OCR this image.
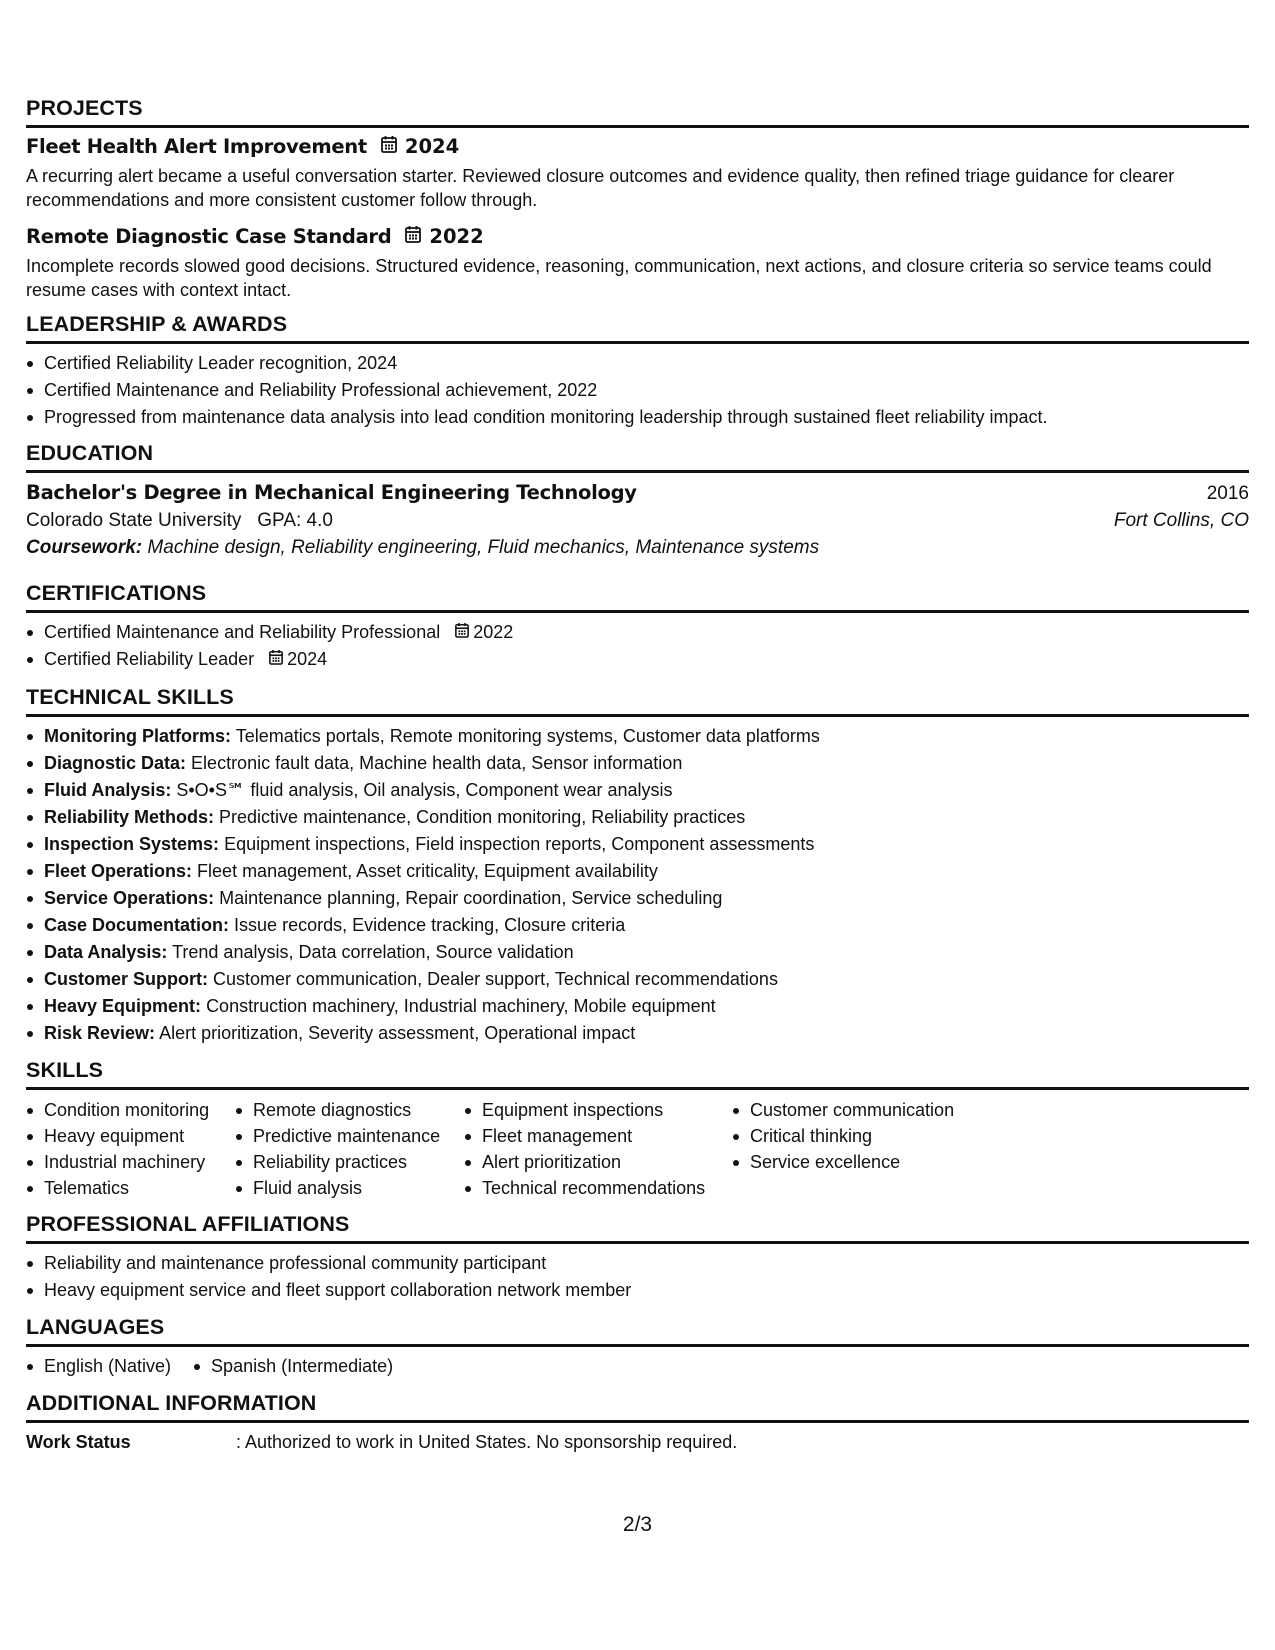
PROJECTS
Fleet Health Alert Improvement 2024
A recurring alert became a useful conversation starter. Reviewed closure outcomes and evidence quality, then refined triage guidance for clearer recommendations and more consistent customer follow through.
Remote Diagnostic Case Standard 2022
Incomplete records slowed good decisions. Structured evidence, reasoning, communication, next actions, and closure criteria so service teams could resume cases with context intact.
LEADERSHIP & AWARDS
Certified Reliability Leader recognition, 2024
Certified Maintenance and Reliability Professional achievement, 2022
Progressed from maintenance data analysis into lead condition monitoring leadership through sustained fleet reliability impact.
EDUCATION
Bachelor's Degree in Mechanical Engineering Technology	2016
Colorado State University GPA: 4.0	Fort Collins, CO
Coursework: Machine design, Reliability engineering, Fluid mechanics, Maintenance systems
CERTIFICATIONS
Certified Maintenance and Reliability Professional 2022
Certified Reliability Leader 2024
TECHNICAL SKILLS
Monitoring Platforms: Telematics portals, Remote monitoring systems, Customer data platforms
Diagnostic Data: Electronic fault data, Machine health data, Sensor information
Fluid Analysis: S•O•S℠ fluid analysis, Oil analysis, Component wear analysis
Reliability Methods: Predictive maintenance, Condition monitoring, Reliability practices
Inspection Systems: Equipment inspections, Field inspection reports, Component assessments
Fleet Operations: Fleet management, Asset criticality, Equipment availability
Service Operations: Maintenance planning, Repair coordination, Service scheduling
Case Documentation: Issue records, Evidence tracking, Closure criteria
Data Analysis: Trend analysis, Data correlation, Source validation
Customer Support: Customer communication, Dealer support, Technical recommendations
Heavy Equipment: Construction machinery, Industrial machinery, Mobile equipment
Risk Review: Alert prioritization, Severity assessment, Operational impact
SKILLS
Condition monitoring
Heavy equipment
Industrial machinery
Telematics
Remote diagnostics
Predictive maintenance
Reliability practices
Fluid analysis
Equipment inspections
Fleet management
Alert prioritization
Technical recommendations
Customer communication
Critical thinking
Service excellence
PROFESSIONAL AFFILIATIONS
Reliability and maintenance professional community participant
Heavy equipment service and fleet support collaboration network member
LANGUAGES
English (Native)	Spanish (Intermediate)
ADDITIONAL INFORMATION
Work Status	: Authorized to work in United States. No sponsorship required.
2/3
